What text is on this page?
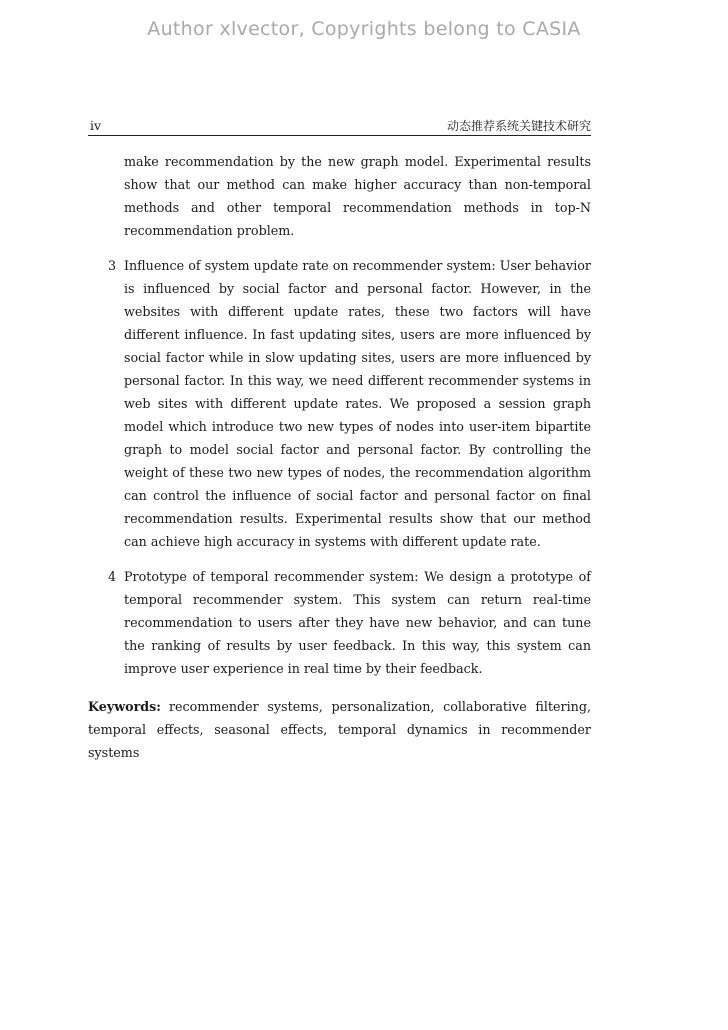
Author xlvector, Copyrights belong to CASIA
iv	动态推荐系统关键技术研究

make recommendation by the new graph model. Experimental results show that our method can make higher accuracy than non-temporal methods and other temporal recommendation methods in top-N recommendation problem.

3 Influence of system update rate on recommender system: User behavior is influenced by social factor and personal factor. However, in the websites with different update rates, these two factors will have different influence. In fast updating sites, users are more influenced by social factor while in slow updating sites, users are more influenced by personal factor. In this way, we need different recommender systems in web sites with different update rates. We proposed a session graph model which introduce two new types of nodes into user-item bipartite graph to model social factor and personal factor. By controlling the weight of these two new types of nodes, the recommendation algorithm can control the influence of social factor and personal factor on final recommendation results. Experimental results show that our method can achieve high accuracy in systems with different update rate.
4 Prototype of temporal recommender system: We design a prototype of temporal recommender system. This system can return real-time recommendation to users after they have new behavior, and can tune the ranking of results by user feedback. In this way, this system can improve user experience in real time by their feedback.

Keywords: recommender systems, personalization, collaborative filtering, temporal effects, seasonal effects, temporal dynamics in recommender systems
